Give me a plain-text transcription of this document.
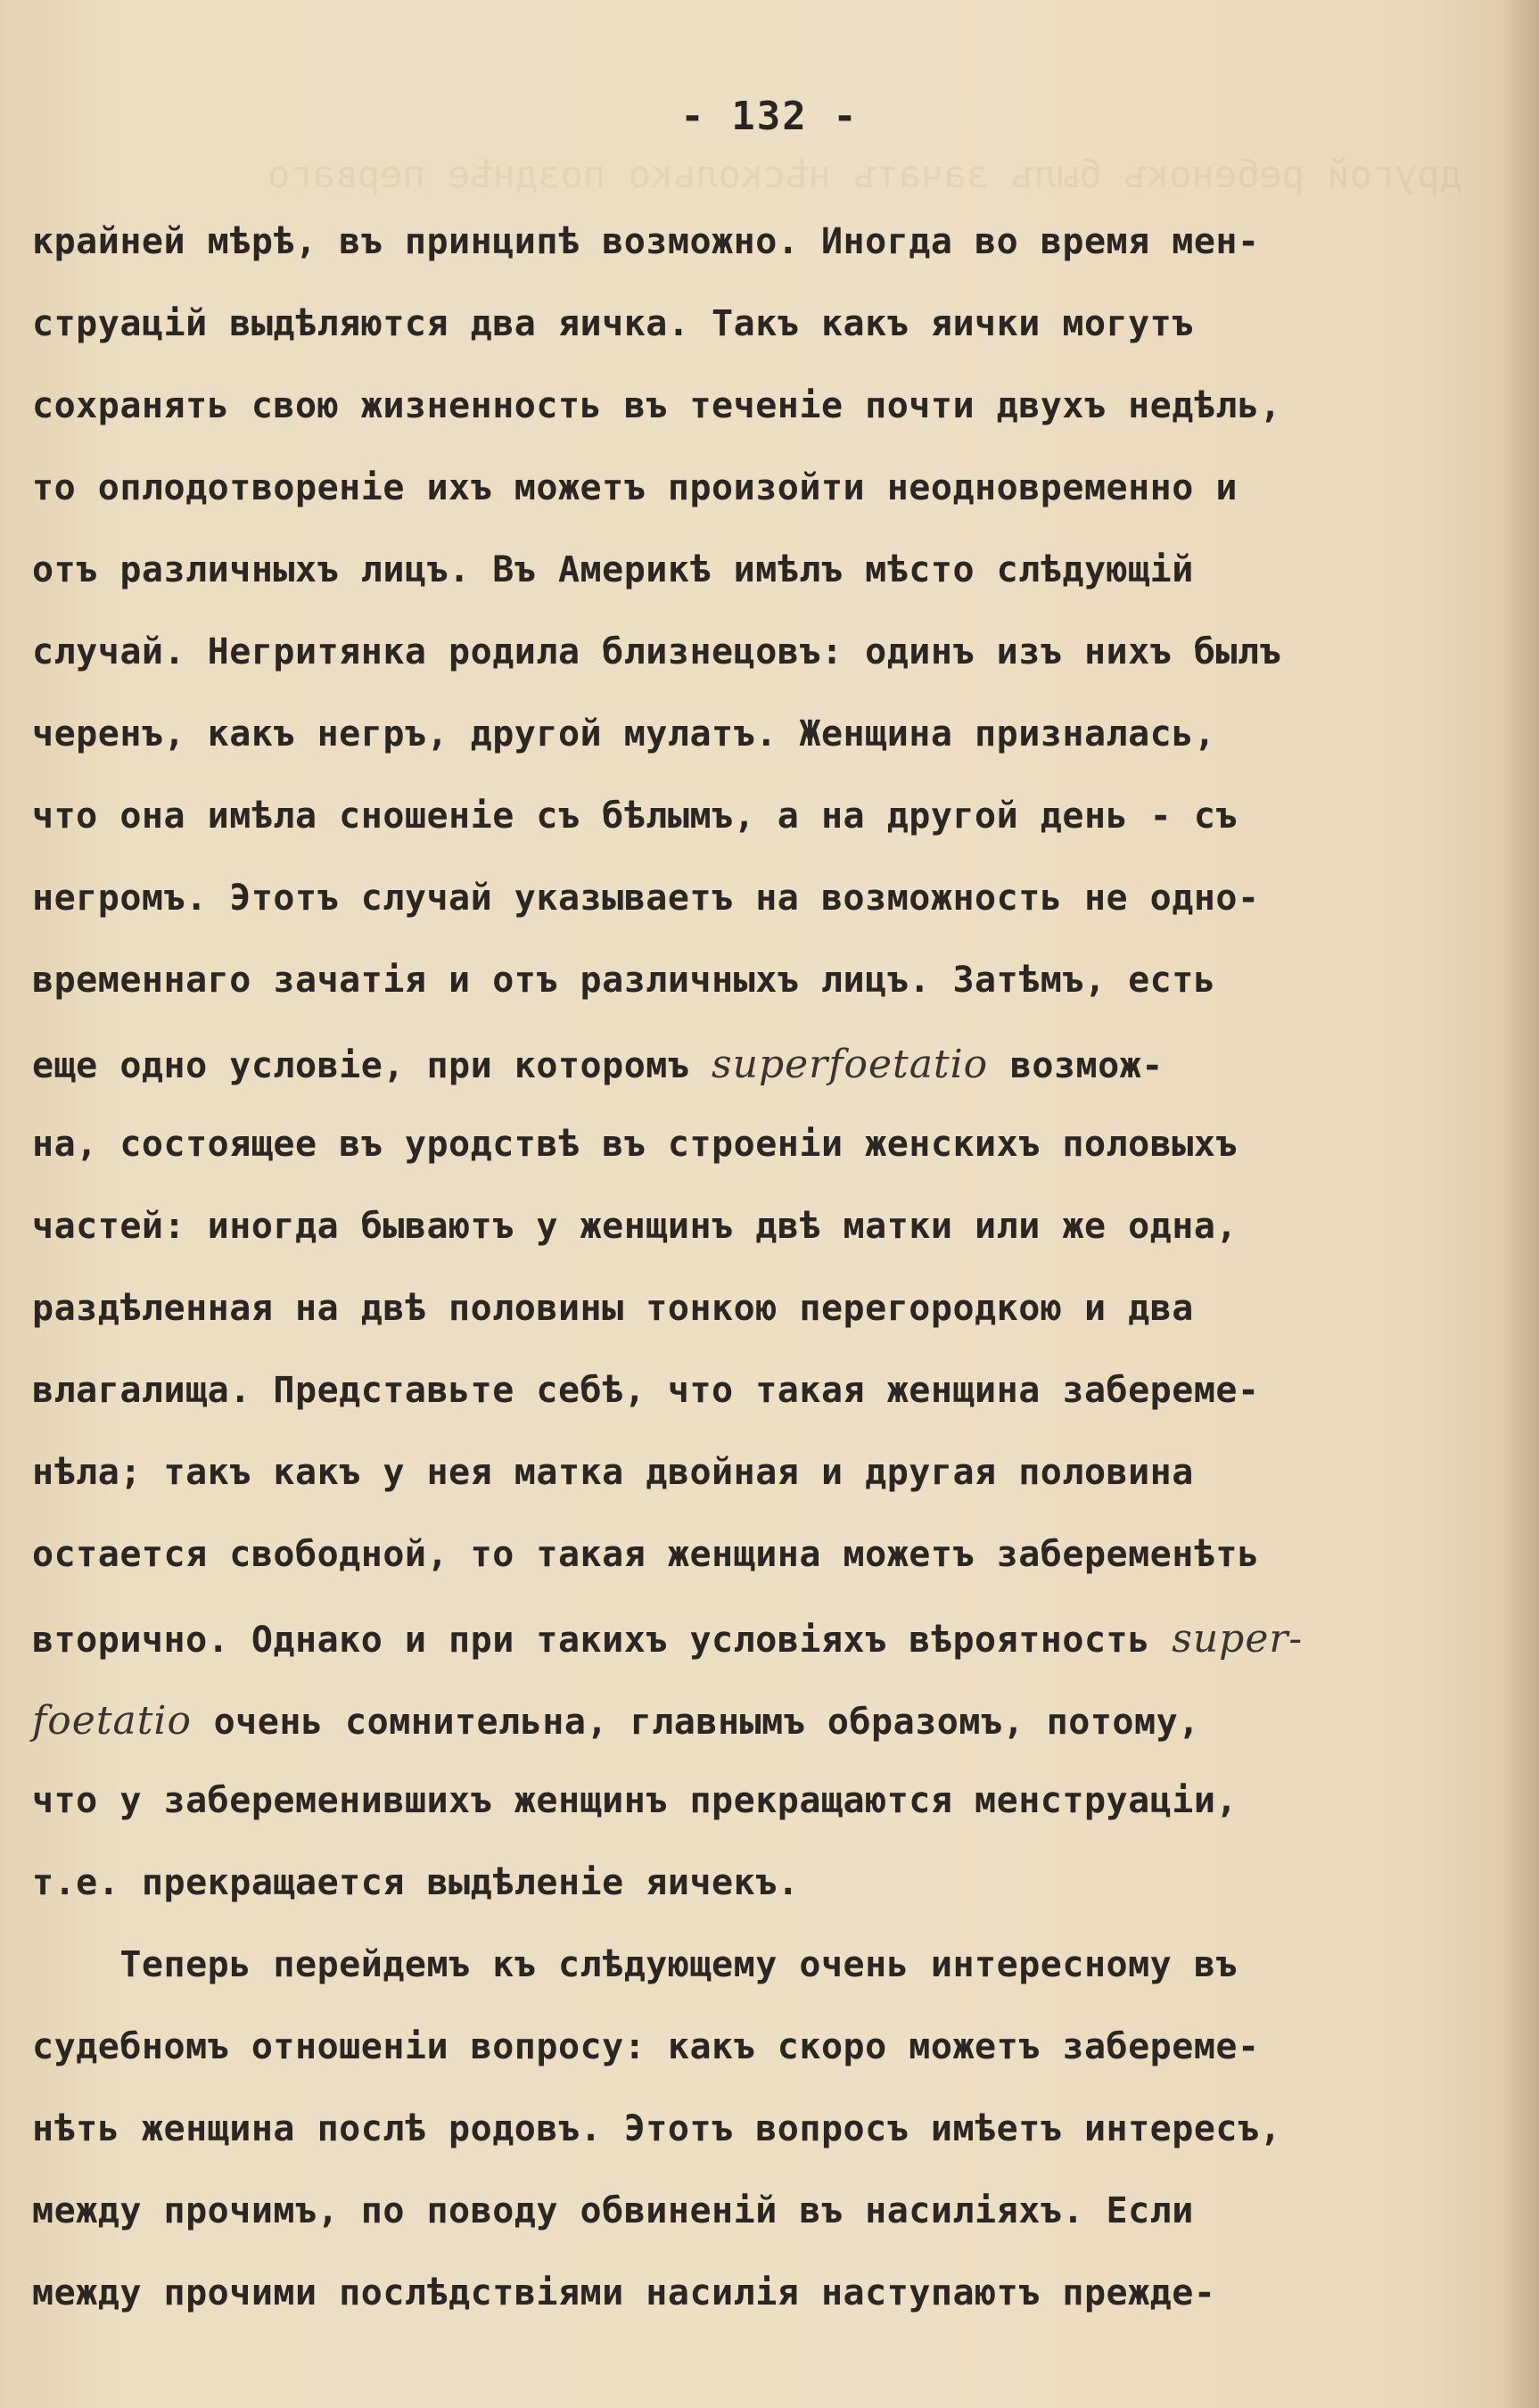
другой ребенокъ былъ зачатъ нѣсколько позднѣе перваго
- 132 -
крайней мѣрѣ, въ принципѣ возможно. Иногда во время мен-
струацій выдѣляются два яичка. Такъ какъ яички могутъ
сохранять свою жизненность въ теченіе почти двухъ недѣль,
то оплодотвореніе ихъ можетъ произойти неодновременно и
отъ различныхъ лицъ. Въ Америкѣ имѣлъ мѣсто слѣдующій
случай. Негритянка родила близнецовъ: одинъ изъ нихъ былъ
черенъ, какъ негръ, другой мулатъ. Женщина призналась,
что она имѣла сношеніе съ бѣлымъ, а на другой день - съ
негромъ. Этотъ случай указываетъ на возможность не одно-
временнаго зачатія и отъ различныхъ лицъ. Затѣмъ, есть
еще одно условіе, при которомъ superfoetatio возмож-
на, состоящее въ уродствѣ въ строеніи женскихъ половыхъ
частей: иногда бываютъ у женщинъ двѣ матки или же одна,
раздѣленная на двѣ половины тонкою перегородкою и два
влагалища. Представьте себѣ, что такая женщина забереме-
нѣла; такъ какъ у нея матка двойная и другая половина
остается свободной, то такая женщина можетъ забеременѣть
вторично. Однако и при такихъ условіяхъ вѣроятность super-
foetatio очень сомнительна, главнымъ образомъ, потому,
что у забеременившихъ женщинъ прекращаются менструаціи,
т.е. прекращается выдѣленіе яичекъ.
Теперь перейдемъ къ слѣдующему очень интересному въ
судебномъ отношеніи вопросу: какъ скоро можетъ забереме-
нѣть женщина послѣ родовъ. Этотъ вопросъ имѣетъ интересъ,
между прочимъ, по поводу обвиненій въ насиліяхъ. Если
между прочими послѣдствіями насилія наступаютъ прежде-
